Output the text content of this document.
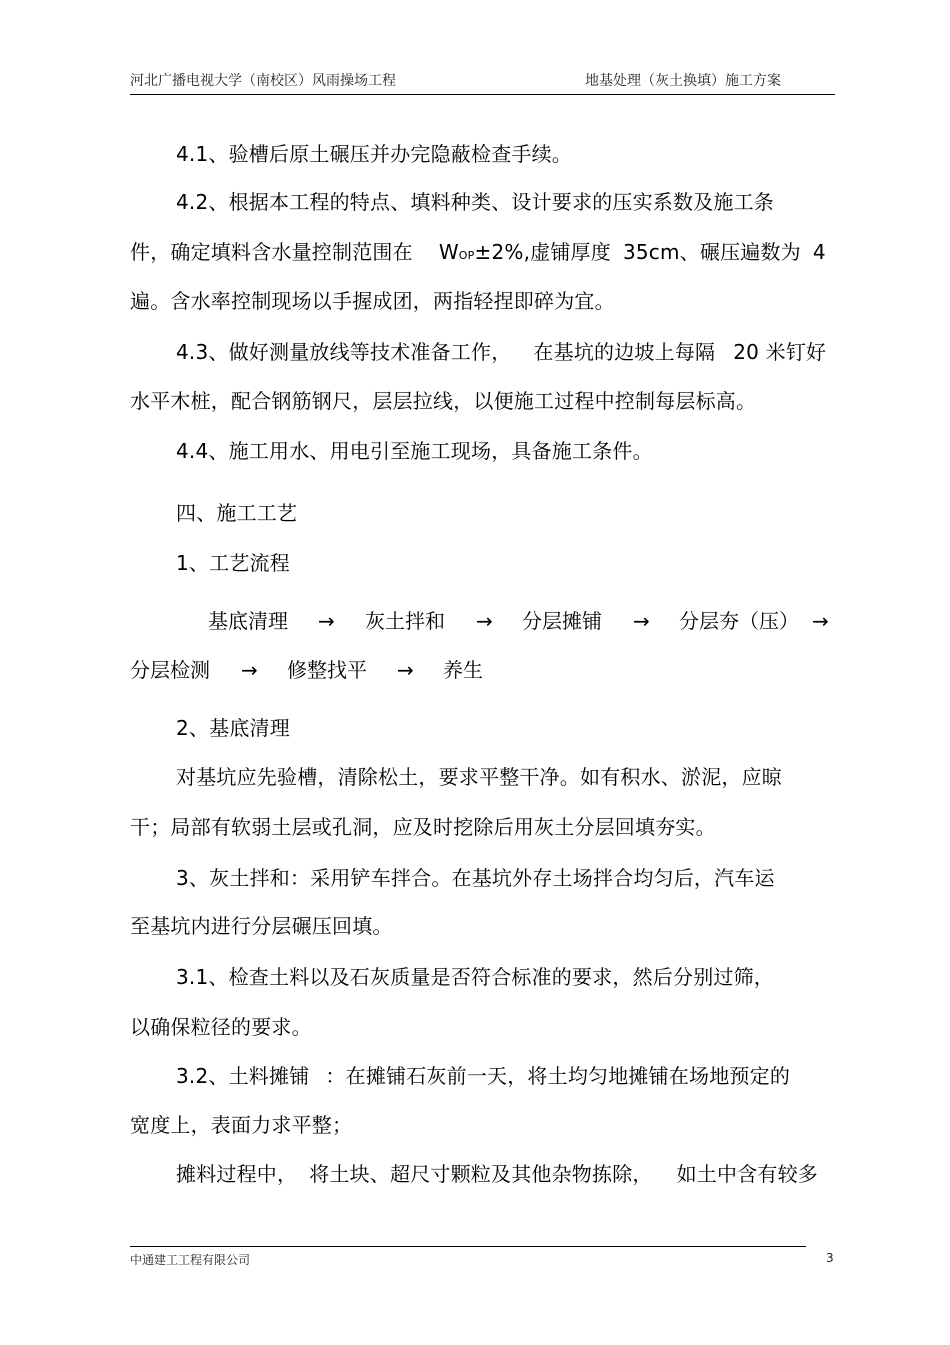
河北广播电视大学（南校区）风雨操场工程	地基处理（灰土换填）施工方案
4.1、验槽后原土碾压并办完隐蔽检查手续。
4.2、根据本工程的特点、填料种类、设计要求的压实系数及施工条
件，确定填料含水量控制范围在 WOP±2%,虚铺厚度 35cm、碾压遍数为 4
遍。含水率控制现场以手握成团，两指轻捏即碎为宜。
4.3、做好测量放线等技术准备工作， 在基坑的边坡上每隔 20 米钉好
水平木桩，配合钢筋钢尺，层层拉线，以便施工过程中控制每层标高。
4.4、施工用水、用电引至施工现场，具备施工条件。
四、施工工艺
1、工艺流程
基底清理 → 灰土拌和 → 分层摊铺 → 分层夯（压） →
分层检测 → 修整找平 → 养生
2、基底清理
对基坑应先验槽，清除松土，要求平整干净。如有积水、淤泥，应晾
干；局部有软弱土层或孔洞，应及时挖除后用灰土分层回填夯实。
3、灰土拌和：采用铲车拌合。在基坑外存土场拌合均匀后，汽车运
至基坑内进行分层碾压回填。
3.1、检查土料以及石灰质量是否符合标准的要求，然后分别过筛，
以确保粒径的要求。
3.2、土料摊铺 ：在摊铺石灰前一天，将土均匀地摊铺在场地预定的
宽度上，表面力求平整；
摊料过程中， 将土块、超尺寸颗粒及其他杂物拣除， 如土中含有较多
中通建工工程有限公司	3
